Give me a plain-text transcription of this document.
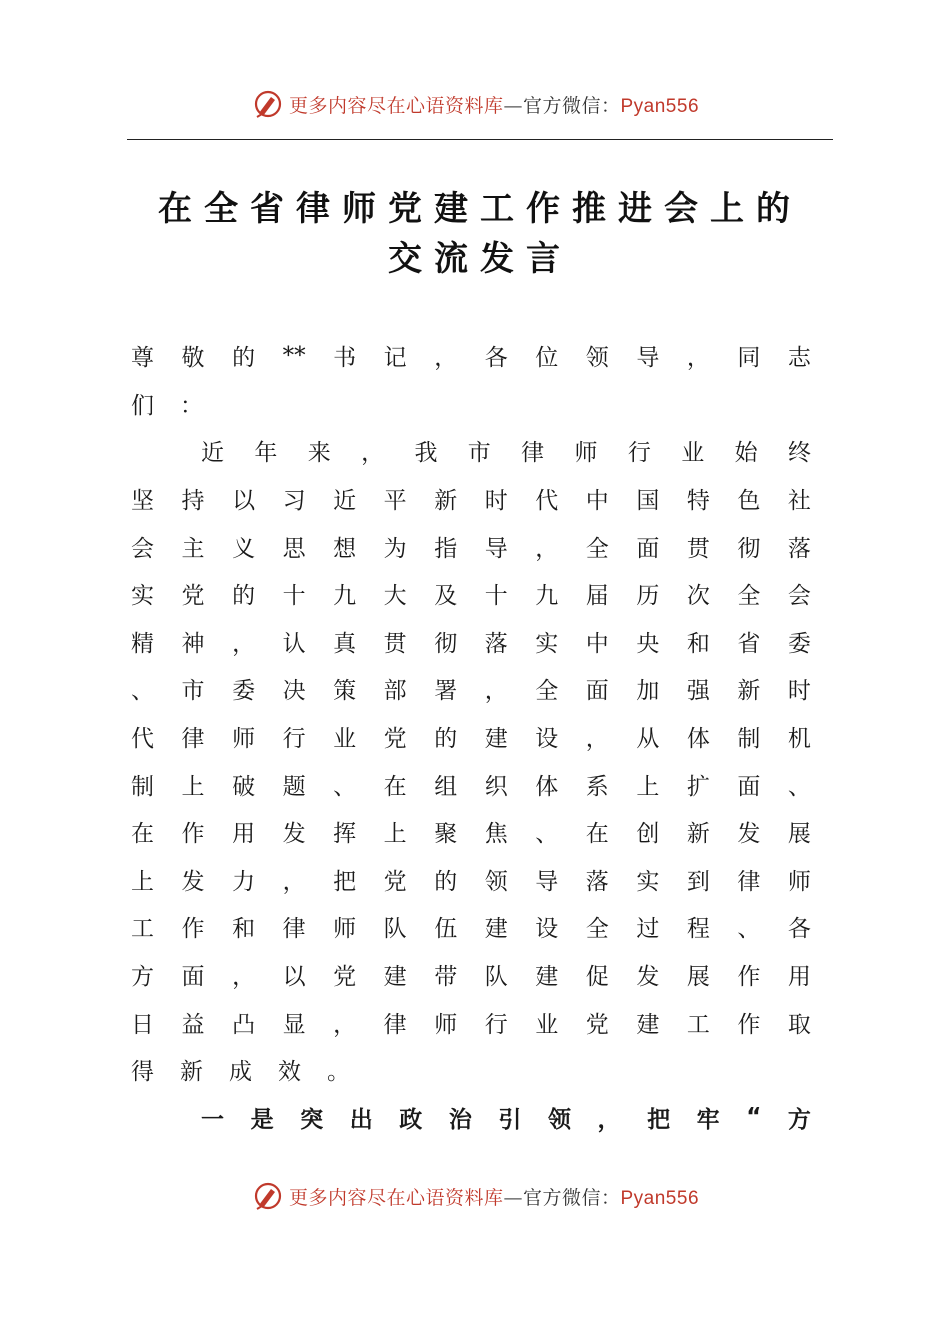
更多内容尽在心语资料库—官方微信：Pyan556
在全省律师党建工作推进会上的
交流发言
尊 敬 的 ** 书 记 ， 各 位 领 导 ， 同 志
们 ：
近 年 来 ， 我 市 律 师 行 业 始 终
坚 持 以 习 近 平 新 时 代 中 国 特 色 社
会 主 义 思 想 为 指 导 ， 全 面 贯 彻 落
实 党 的 十 九 大 及 十 九 届 历 次 全 会
精 神 ， 认 真 贯 彻 落 实 中 央 和 省 委
、 市 委 决 策 部 署 ， 全 面 加 强 新 时
代 律 师 行 业 党 的 建 设 ， 从 体 制 机
制 上 破 题 、 在 组 织 体 系 上 扩 面 、
在 作 用 发 挥 上 聚 焦 、 在 创 新 发 展
上 发 力 ， 把 党 的 领 导 落 实 到 律 师
工 作 和 律 师 队 伍 建 设 全 过 程 、 各
方 面 ， 以 党 建 带 队 建 促 发 展 作 用
日 益 凸 显 ， 律 师 行 业 党 建 工 作 取
得 新 成 效 。
一 是 突 出 政 治 引 领 ， 把 牢 “ 方
更多内容尽在心语资料库—官方微信：Pyan556
